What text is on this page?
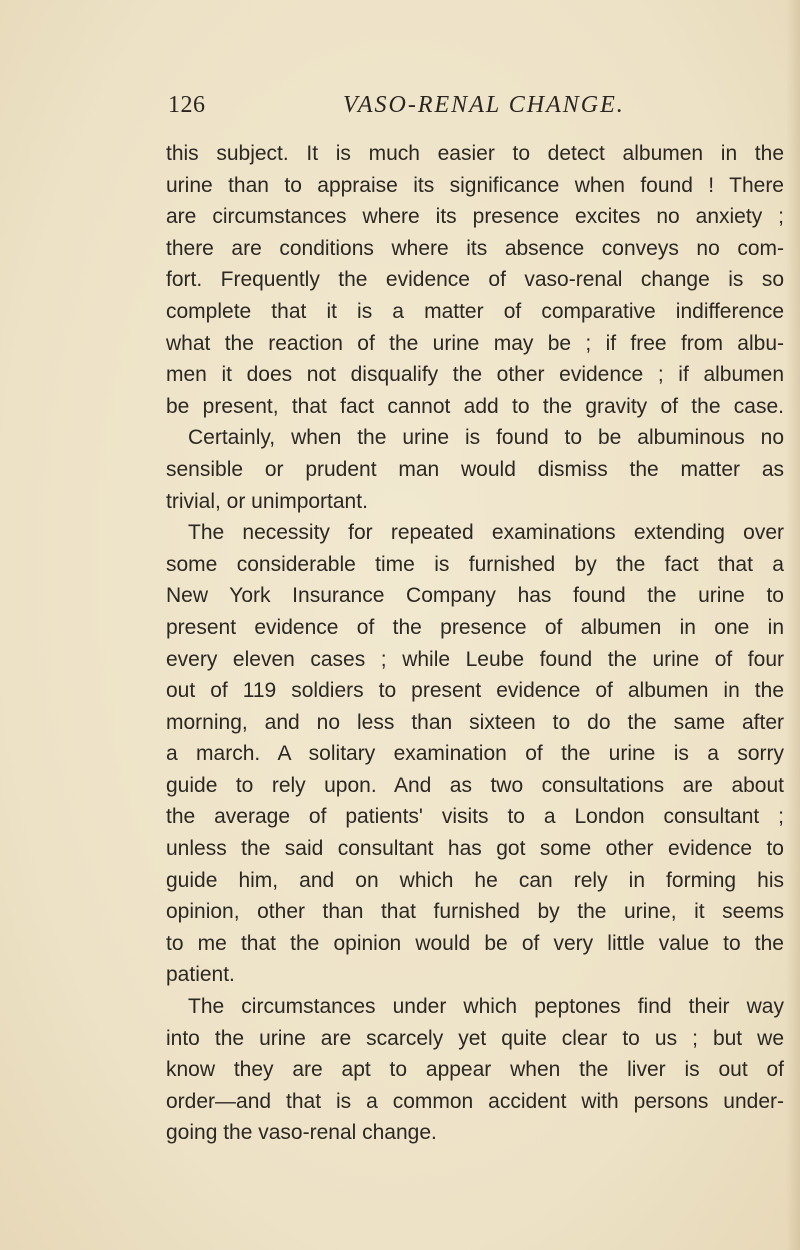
126	VASO-RENAL CHANGE.
this subject. It is much easier to detect albumen in the
urine than to appraise its significance when found ! There
are circumstances where its presence excites no anxiety ;
there are conditions where its absence conveys no com-
fort. Frequently the evidence of vaso-renal change is so
complete that it is a matter of comparative indifference
what the reaction of the urine may be ; if free from albu-
men it does not disqualify the other evidence ; if albumen
be present, that fact cannot add to the gravity of the case.
Certainly, when the urine is found to be albuminous no
sensible or prudent man would dismiss the matter as
trivial, or unimportant.
The necessity for repeated examinations extending over
some considerable time is furnished by the fact that a
New York Insurance Company has found the urine to
present evidence of the presence of albumen in one in
every eleven cases ; while Leube found the urine of four
out of 119 soldiers to present evidence of albumen in the
morning, and no less than sixteen to do the same after
a march. A solitary examination of the urine is a sorry
guide to rely upon. And as two consultations are about
the average of patients' visits to a London consultant ;
unless the said consultant has got some other evidence to
guide him, and on which he can rely in forming his
opinion, other than that furnished by the urine, it seems
to me that the opinion would be of very little value to the
patient.
The circumstances under which peptones find their way
into the urine are scarcely yet quite clear to us ; but we
know they are apt to appear when the liver is out of
order—and that is a common accident with persons under-
going the vaso-renal change.
